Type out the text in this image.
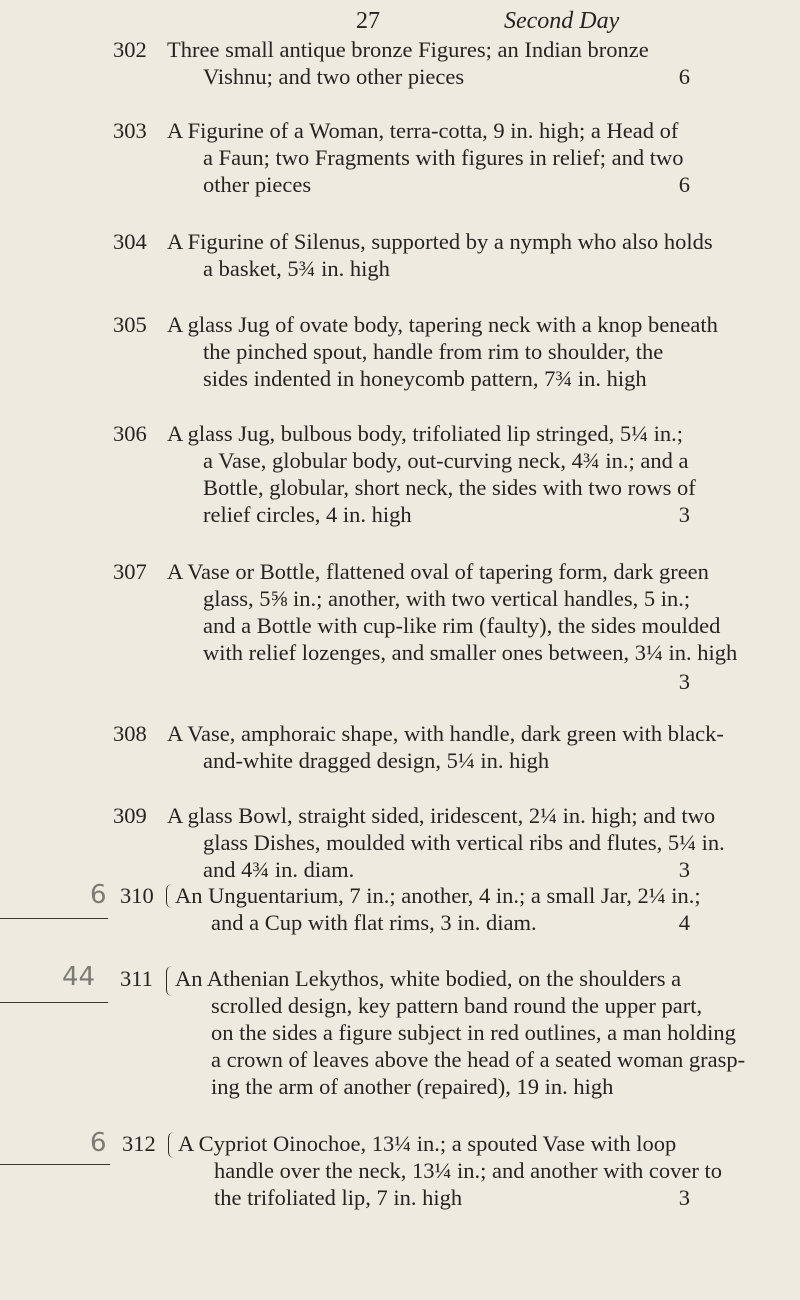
27	Second Day
302 Three small antique bronze Figures; an Indian bronze
Vishnu; and two other pieces	6
303 A Figurine of a Woman, terra-cotta, 9 in. high; a Head of
a Faun; two Fragments with figures in relief; and two
other pieces	6
304 A Figurine of Silenus, supported by a nymph who also holds
a basket, 5¾ in. high
305 A glass Jug of ovate body, tapering neck with a knop beneath
the pinched spout, handle from rim to shoulder, the
sides indented in honeycomb pattern, 7¾ in. high
306 A glass Jug, bulbous body, trifoliated lip stringed, 5¼ in.;
a Vase, globular body, out-curving neck, 4¾ in.; and a
Bottle, globular, short neck, the sides with two rows of
relief circles, 4 in. high	3
307 A Vase or Bottle, flattened oval of tapering form, dark green
glass, 5⅝ in.; another, with two vertical handles, 5 in.;
and a Bottle with cup-like rim (faulty), the sides moulded
with relief lozenges, and smaller ones between, 3¼ in. high
3
308 A Vase, amphoraic shape, with handle, dark green with black-
and-white dragged design, 5¼ in. high
309 A glass Bowl, straight sided, iridescent, 2¼ in. high; and two
glass Dishes, moulded with vertical ribs and flutes, 5¼ in.
and 4¾ in. diam.	3
310 An Unguentarium, 7 in.; another, 4 in.; a small Jar, 2¼ in.;
and a Cup with flat rims, 3 in. diam.	4
6
311 An Athenian Lekythos, white bodied, on the shoulders a
scrolled design, key pattern band round the upper part,
on the sides a figure subject in red outlines, a man holding
a crown of leaves above the head of a seated woman grasp-
ing the arm of another (repaired), 19 in. high
44
312 A Cypriot Oinochoe, 13¼ in.; a spouted Vase with loop
handle over the neck, 13¼ in.; and another with cover to
the trifoliated lip, 7 in. high	3
6
